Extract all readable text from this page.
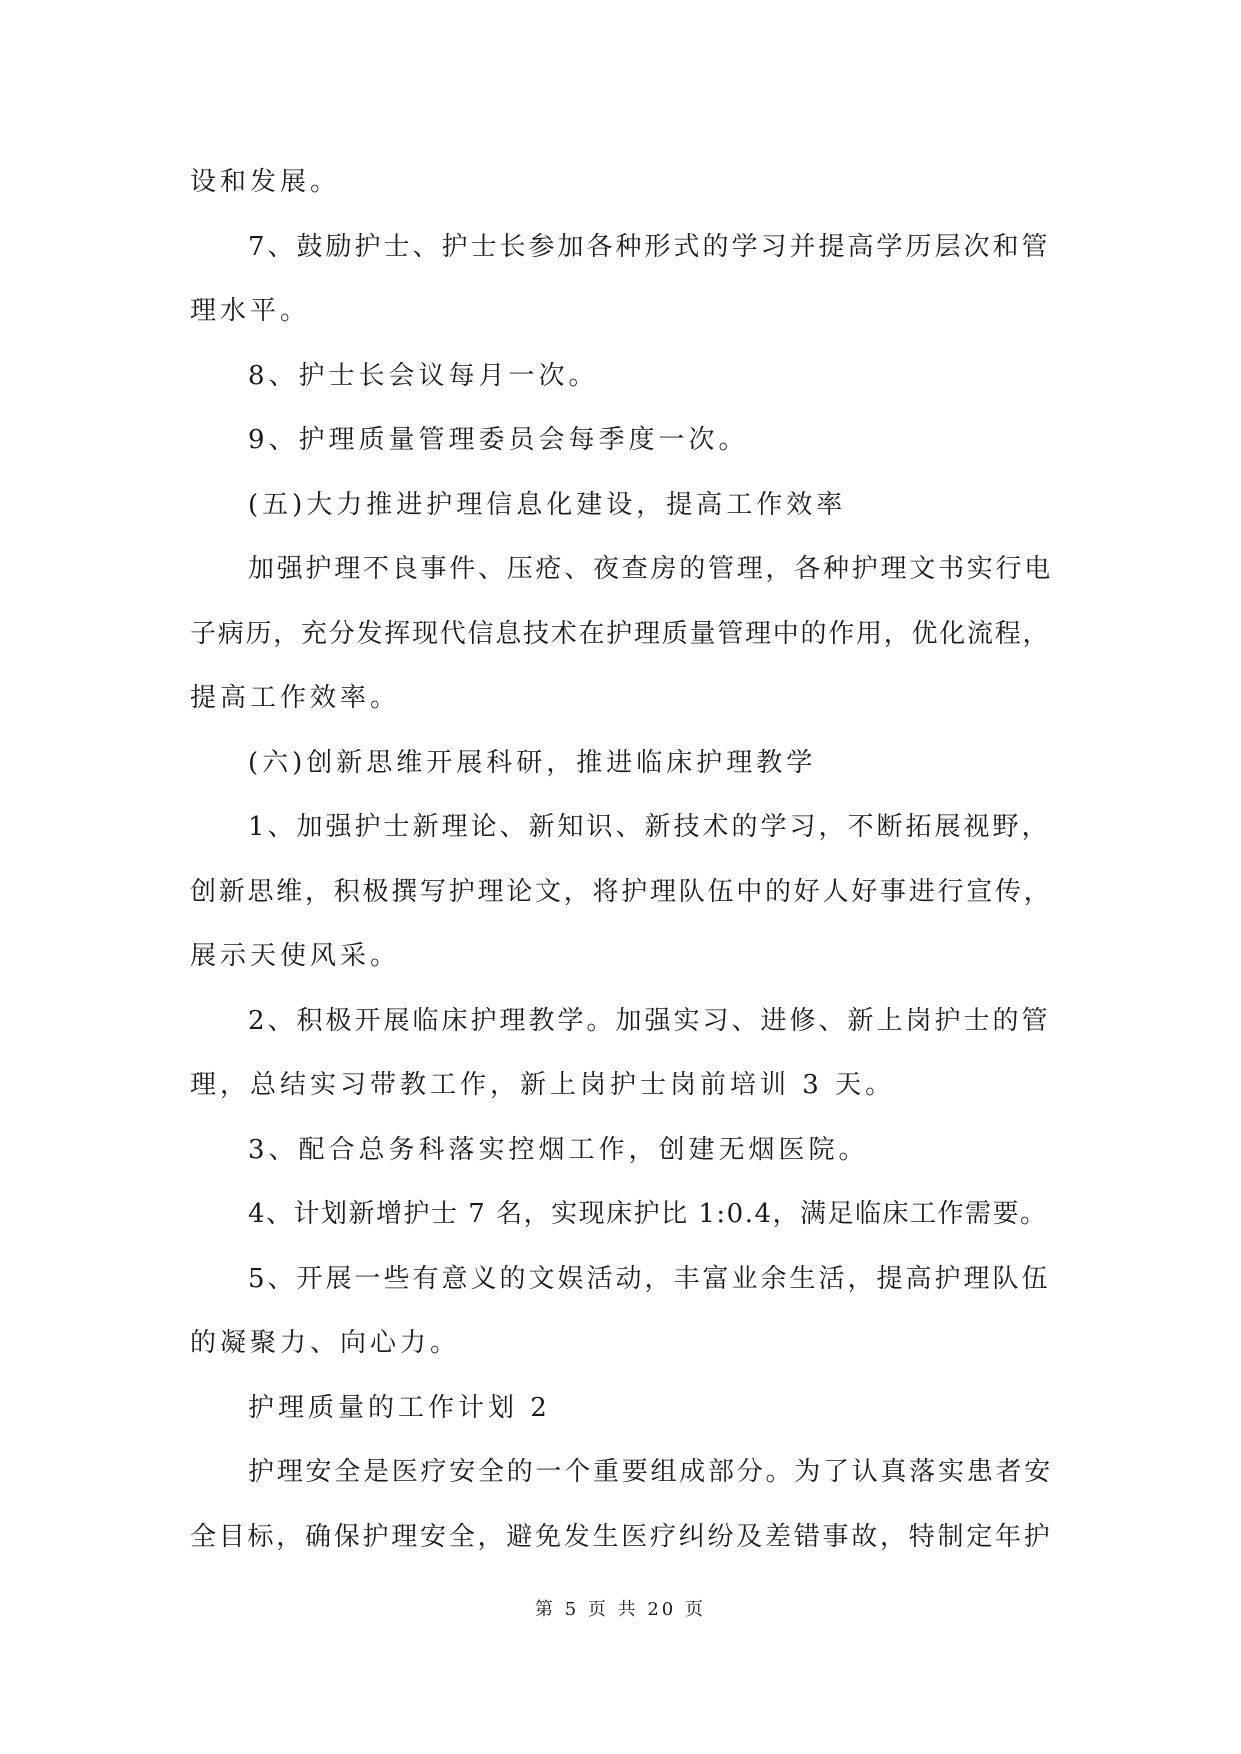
设和发展。
7、鼓励护士、护士长参加各种形式的学习并提高学历层次和管
理水平。
8、护士长会议每月一次。
9、护理质量管理委员会每季度一次。
(五)大力推进护理信息化建设，提高工作效率
加强护理不良事件、压疮、夜查房的管理，各种护理文书实行电
子病历，充分发挥现代信息技术在护理质量管理中的作用，优化流程，
提高工作效率。
(六)创新思维开展科研，推进临床护理教学
1、加强护士新理论、新知识、新技术的学习，不断拓展视野，
创新思维，积极撰写护理论文，将护理队伍中的好人好事进行宣传，
展示天使风采。
2、积极开展临床护理教学。加强实习、进修、新上岗护士的管
理，总结实习带教工作，新上岗护士岗前培训 3 天。
3、配合总务科落实控烟工作，创建无烟医院。
4、计划新增护士 7 名，实现床护比 1:0.4，满足临床工作需要。
5、开展一些有意义的文娱活动，丰富业余生活，提高护理队伍
的凝聚力、向心力。
护理质量的工作计划 2
护理安全是医疗安全的一个重要组成部分。为了认真落实患者安
全目标，确保护理安全，避免发生医疗纠纷及差错事故，特制定年护
第 5 页 共 20 页
